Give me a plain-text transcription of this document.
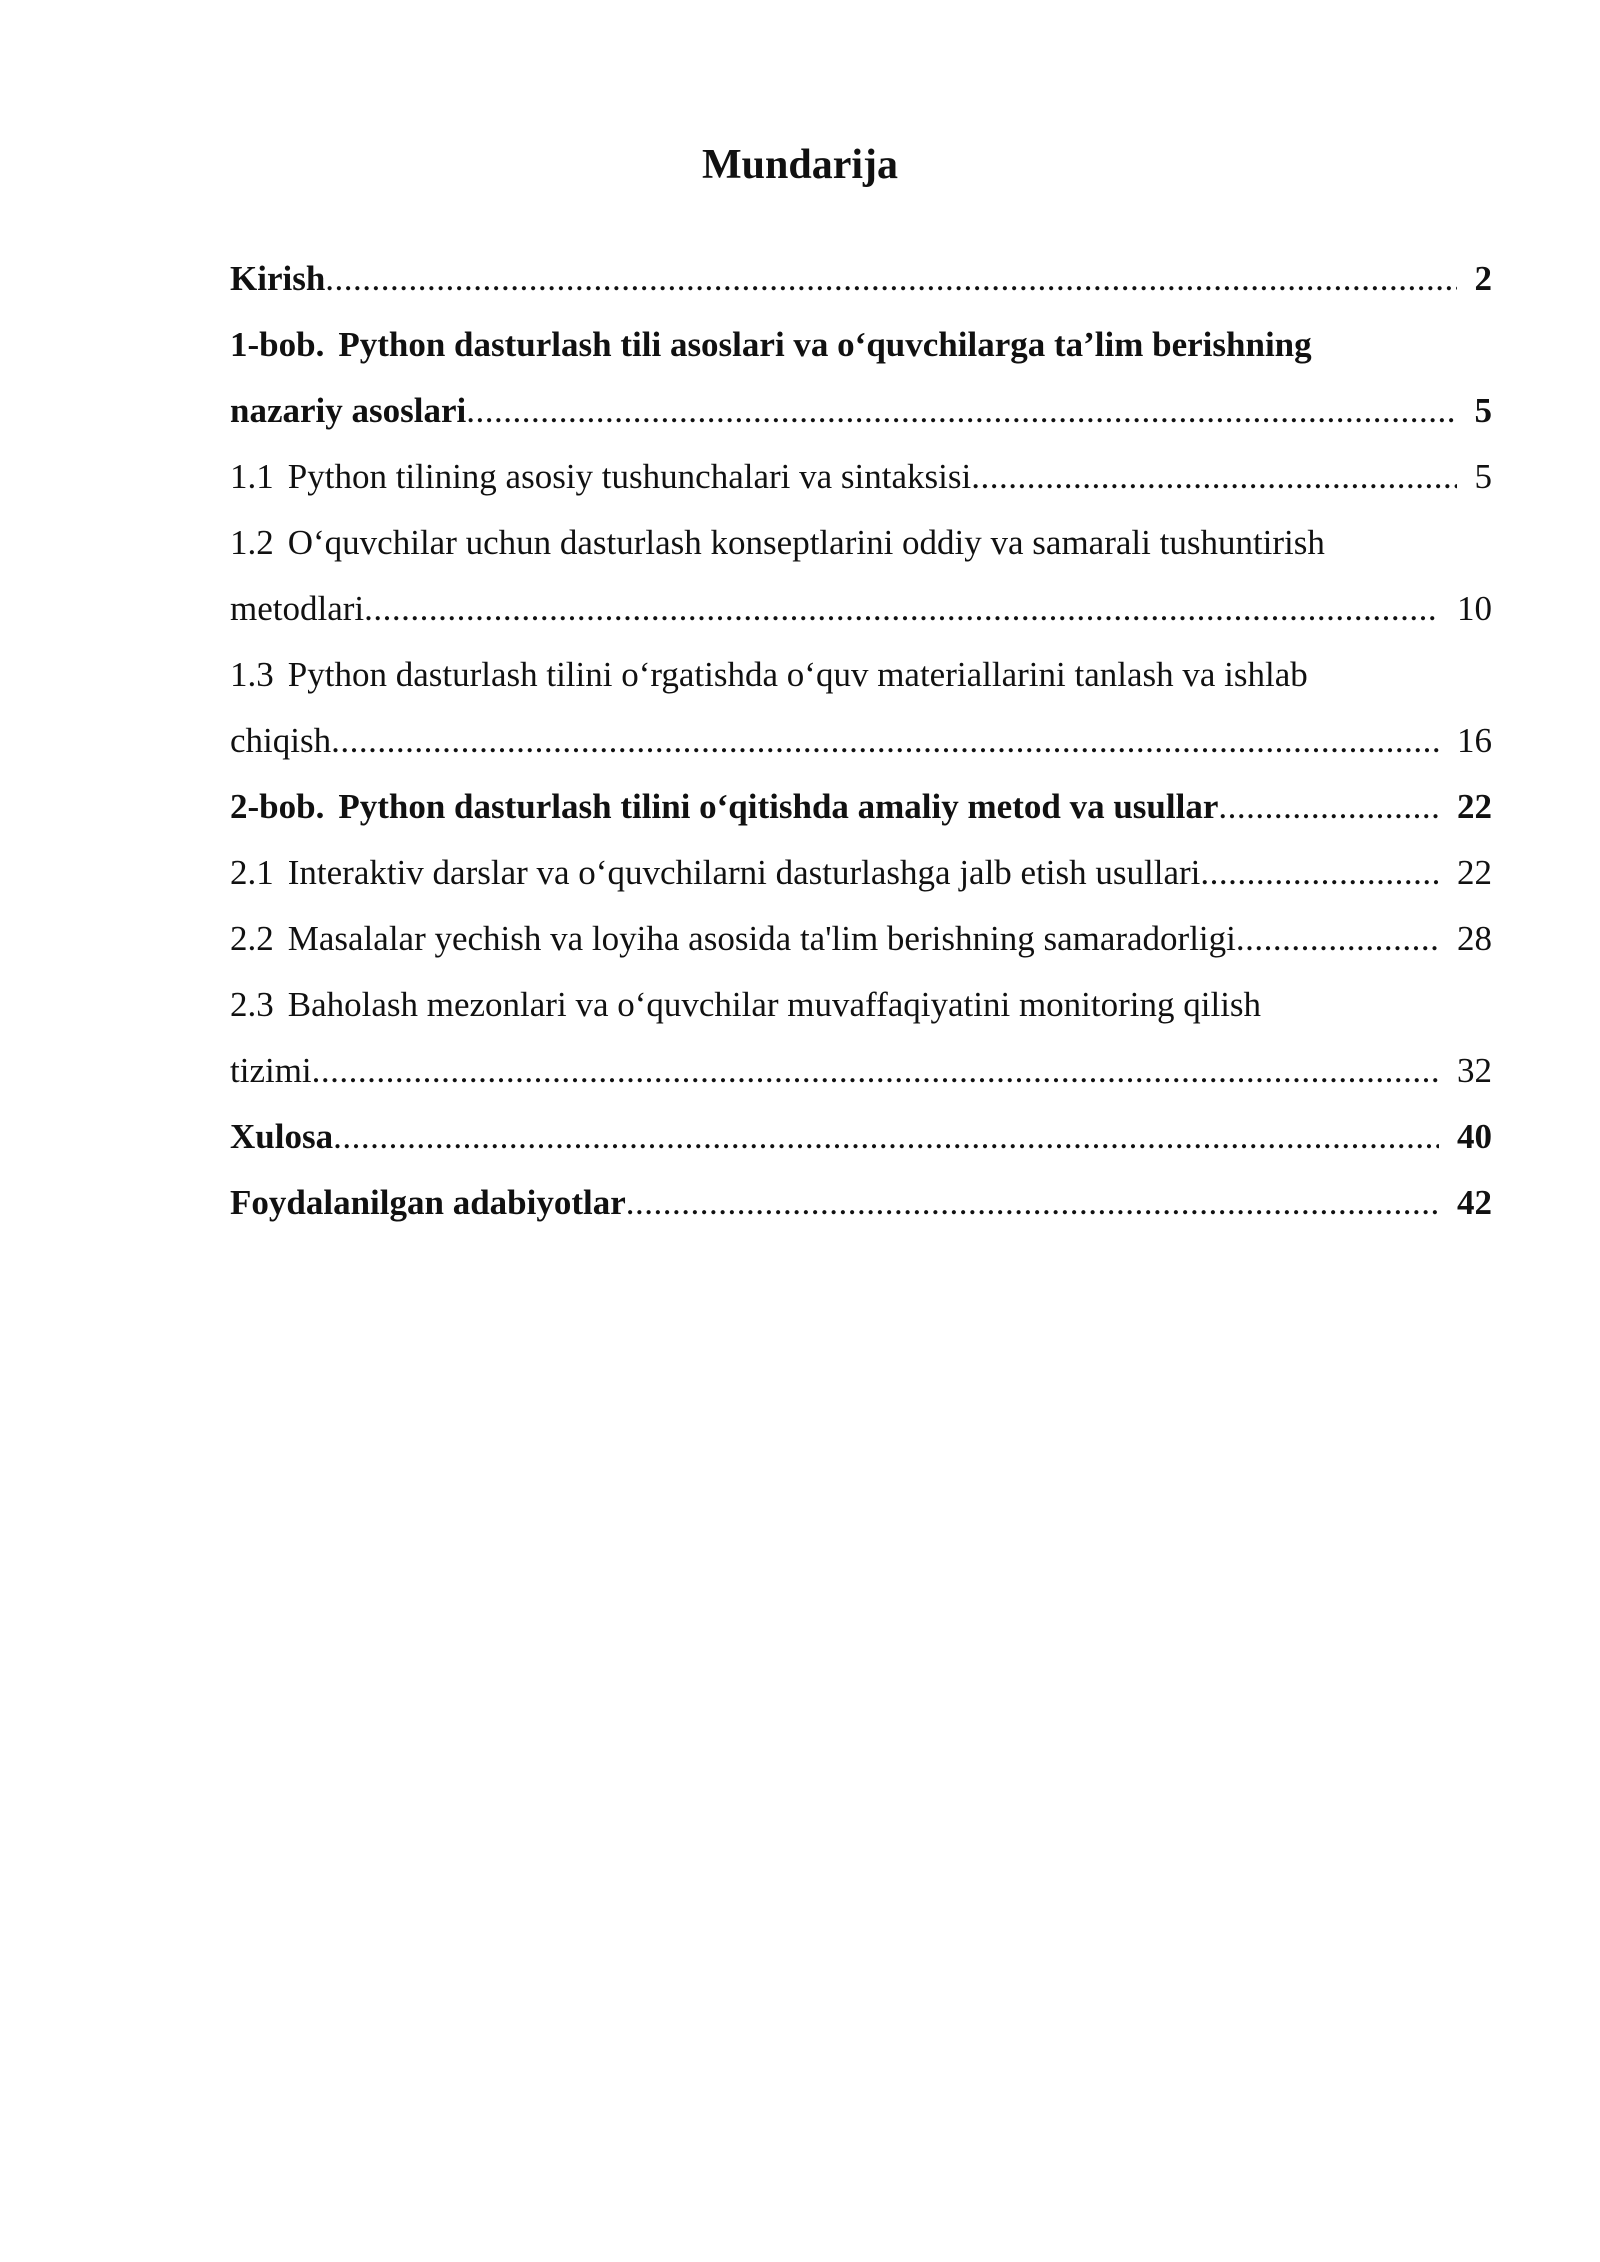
Mundarija
Kirish .....	2
1-bob. Python dasturlash tili asoslari va o‘quvchilarga ta’lim berishning
nazariy asoslari .....	5
1.1 Python tilining asosiy tushunchalari va sintaksisi .....	5
1.2 O‘quvchilar uchun dasturlash konseptlarini oddiy va samarali tushuntirish
metodlari .....	10
1.3 Python dasturlash tilini o‘rgatishda o‘quv materiallarini tanlash va ishlab
chiqish .....	16
2-bob. Python dasturlash tilini o‘qitishda amaliy metod va usullar .....	22
2.1 Interaktiv darslar va o‘quvchilarni dasturlashga jalb etish usullari .....	22
2.2 Masalalar yechish va loyiha asosida ta'lim berishning samaradorligi .....	28
2.3 Baholash mezonlari va o‘quvchilar muvaffaqiyatini monitoring qilish
tizimi .....	32
Xulosa .....	40
Foydalanilgan adabiyotlar .....	42
